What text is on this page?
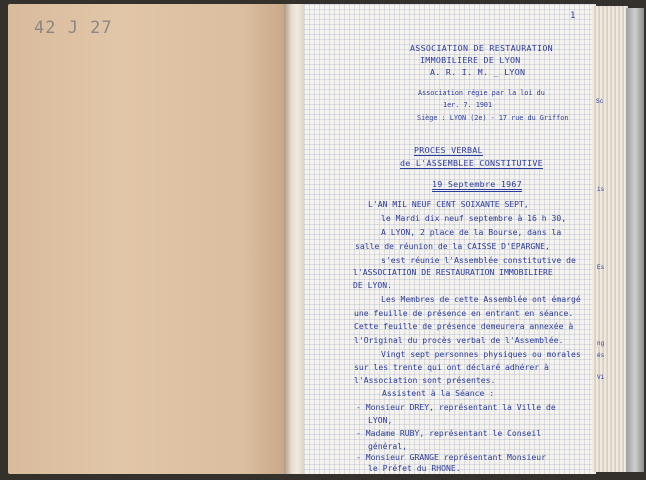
42 J 27
Sc
is
Es
ng
és
Vi
1
ASSOCIATION DE RESTAURATION
IMMOBILIERE DE LYON
A. R. I. M. _ LYON
Association régie par la loi du
1er. 7. 1901
Siège : LYON (2e) - 17 rue du Griffon
PROCES VERBAL
de L'ASSEMBLEE CONSTITUTIVE
19 Septembre 1967
L'AN MIL NEUF CENT SOIXANTE SEPT,
le Mardi dix neuf septembre à 16 h 30,
A LYON, 2 place de la Bourse, dans la
salle de réunion de la CAISSE D'EPARGNE,
s'est réunie l'Assemblée constitutive de
l'ASSOCIATION DE RESTAURATION IMMOBILIERE
DE LYON.
Les Membres de cette Assemblée ont émargé
une feuille de présence en entrant en séance.
Cette feuille de présence demeurera annexée à
l'Original du procès verbal de l'Assemblée.
Vingt sept personnes physiques ou morales
sur les trente qui ont déclaré adhérer à
l'Association sont présentes.
Assistent à la Séance :
- Monsieur DREY, représentant la Ville de
LYON,
- Madame RUBY, représentant le Conseil
général,
- Monsieur GRANGE représentant Monsieur
le Préfet du RHONE.
